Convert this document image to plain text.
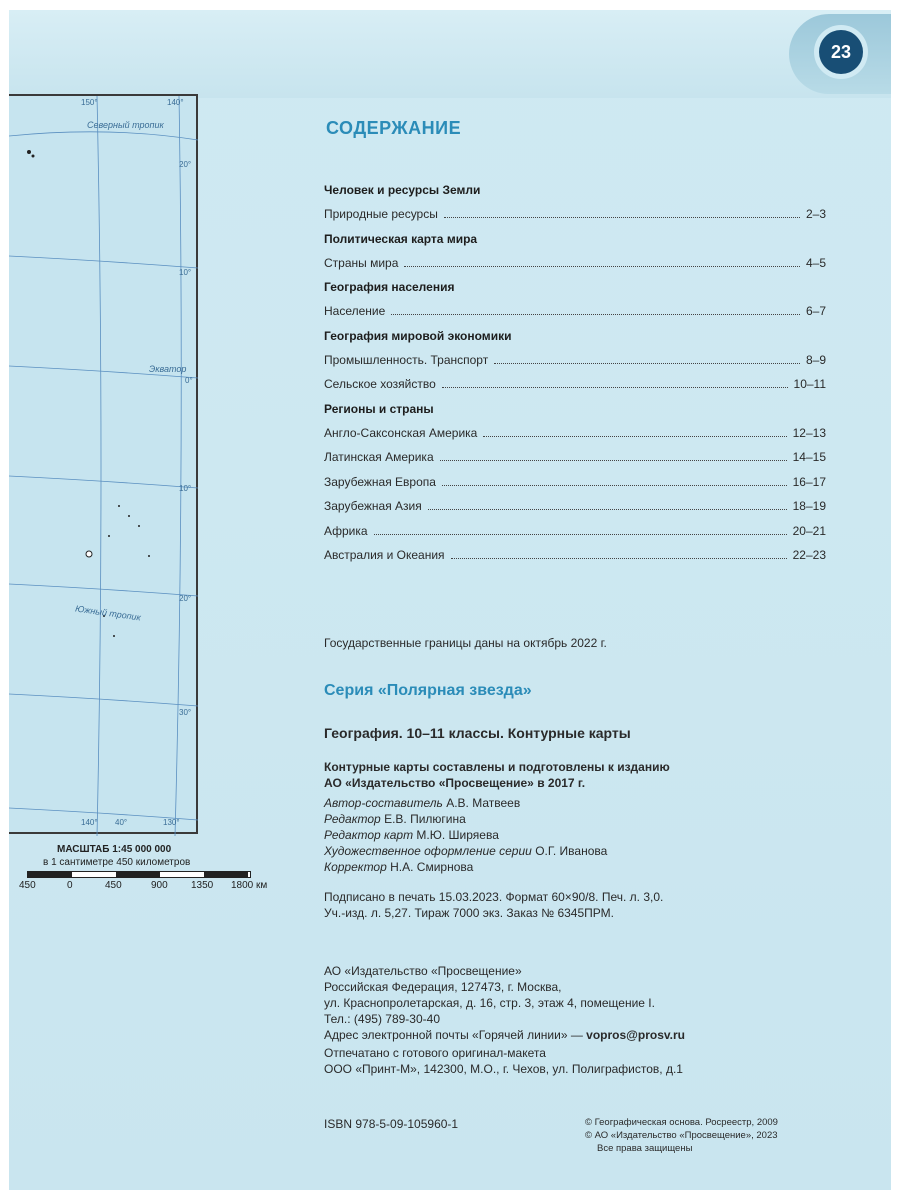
23
150°	140°
Северный тропик
20°
10°
Экватор
0°
10°
20°
Южный тропик
30°
140° 40°	130°
МАСШТАБ 1:45 000 000
в 1 сантиметре 450 километров
450	0	450	900 1350 1800 км
СОДЕРЖАНИЕ
Человек и ресурсы Земли
Природные ресурсы	2–3
Политическая карта мира
Страны мира	4–5
География населения
Население	6–7
География мировой экономики
Промышленность. Транспорт	8–9
Сельское хозяйство	10–11
Регионы и страны
Англо-Саксонская Америка	12–13
Латинская Америка	14–15
Зарубежная Европа	16–17
Зарубежная Азия	18–19
Африка	20–21
Австралия и Океания	22–23
Государственные границы даны на октябрь 2022 г.
Серия «Полярная звезда»
География. 10–11 классы. Контурные карты
Контурные карты составлены и подготовлены к изданию
АО «Издательство «Просвещение» в 2017 г.
Автор-составитель А.В. Матвеев
Редактор Е.В. Пилюгина
Редактор карт М.Ю. Ширяева
Художественное оформление серии О.Г. Иванова
Корректор Н.А. Смирнова
Подписано в печать 15.03.2023. Формат 60×90/8. Печ. л. 3,0.
Уч.-изд. л. 5,27. Тираж 7000 экз. Заказ № 6345ПРМ.
АО «Издательство «Просвещение»
Российская Федерация, 127473, г. Москва,
ул. Краснопролетарская, д. 16, стр. 3, этаж 4, помещение I.
Тел.: (495) 789-30-40
Адрес электронной почты «Горячей линии» — vopros@prosv.ru
Отпечатано с готового оригинал-макета
ООО «Принт-М», 142300, М.О., г. Чехов, ул. Полиграфистов, д.1
ISBN 978-5-09-105960-1	© Географическая основа. Росреестр, 2009
© АО «Издательство «Просвещение», 2023
Все права защищены
